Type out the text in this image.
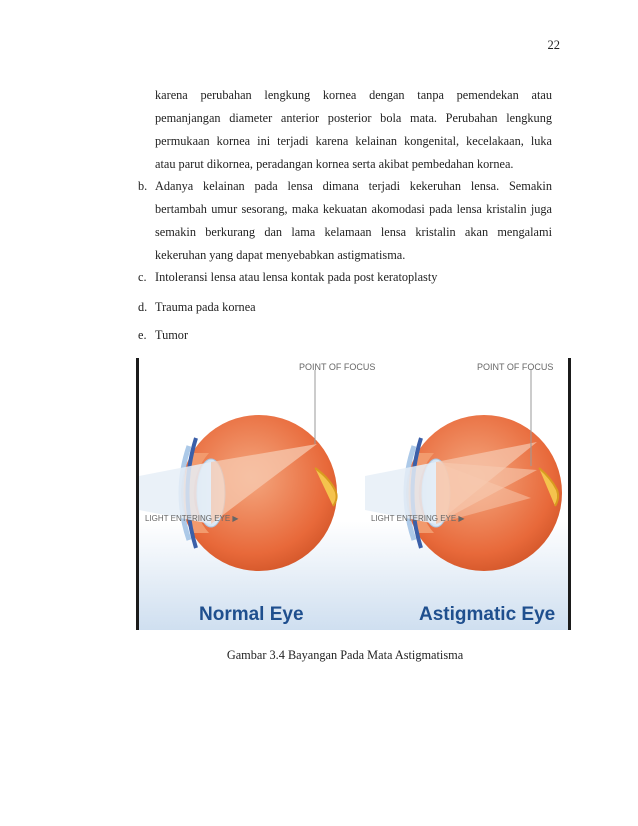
22
karena perubahan lengkung kornea dengan tanpa pemendekan atau
pemanjangan diameter anterior posterior bola mata. Perubahan lengkung
permukaan kornea ini terjadi karena kelainan kongenital, kecelakaan, luka
atau parut dikornea, peradangan kornea serta akibat pembedahan kornea.
b. Adanya kelainan pada lensa dimana terjadi kekeruhan lensa. Semakin
bertambah umur sesorang, maka kekuatan akomodasi pada lensa kristalin juga
semakin berkurang dan lama kelamaan lensa kristalin akan mengalami
kekeruhan yang dapat menyebabkan astigmatisma.
c. Intoleransi lensa atau lensa kontak pada post keratoplasty
d. Trauma pada kornea
e. Tumor
POINT OF FOCUS
LIGHT ENTERING EYE ▶
Normal Eye
POINT OF FOCUS
LIGHT ENTERING EYE ▶
Astigmatic Eye
Gambar 3.4 Bayangan Pada Mata Astigmatisma
